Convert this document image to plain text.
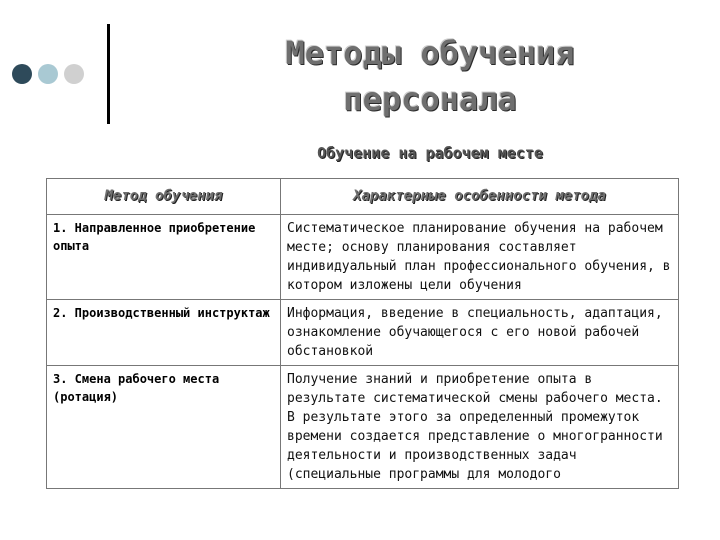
Методы обучения
персонала
Обучение на рабочем месте
Метод обучения	Характерные особенности метода
1. Направленное приобретение опыта	Систематическое планирование обучения на рабочем месте; основу планирования составляет индивидуальный план профессионального обучения, в котором изложены цели обучения
2. Производственный инструктаж	Информация, введение в специальность, адаптация, ознакомление обучающегося с его новой рабочей обстановкой
3. Смена рабочего места (ротация)	Получение знаний и приобретение опыта в результате систематической смены рабочего места. В результате этого за определенный промежуток времени создается представление о многогранности деятельности и производственных задач (специальные программы для молодого
